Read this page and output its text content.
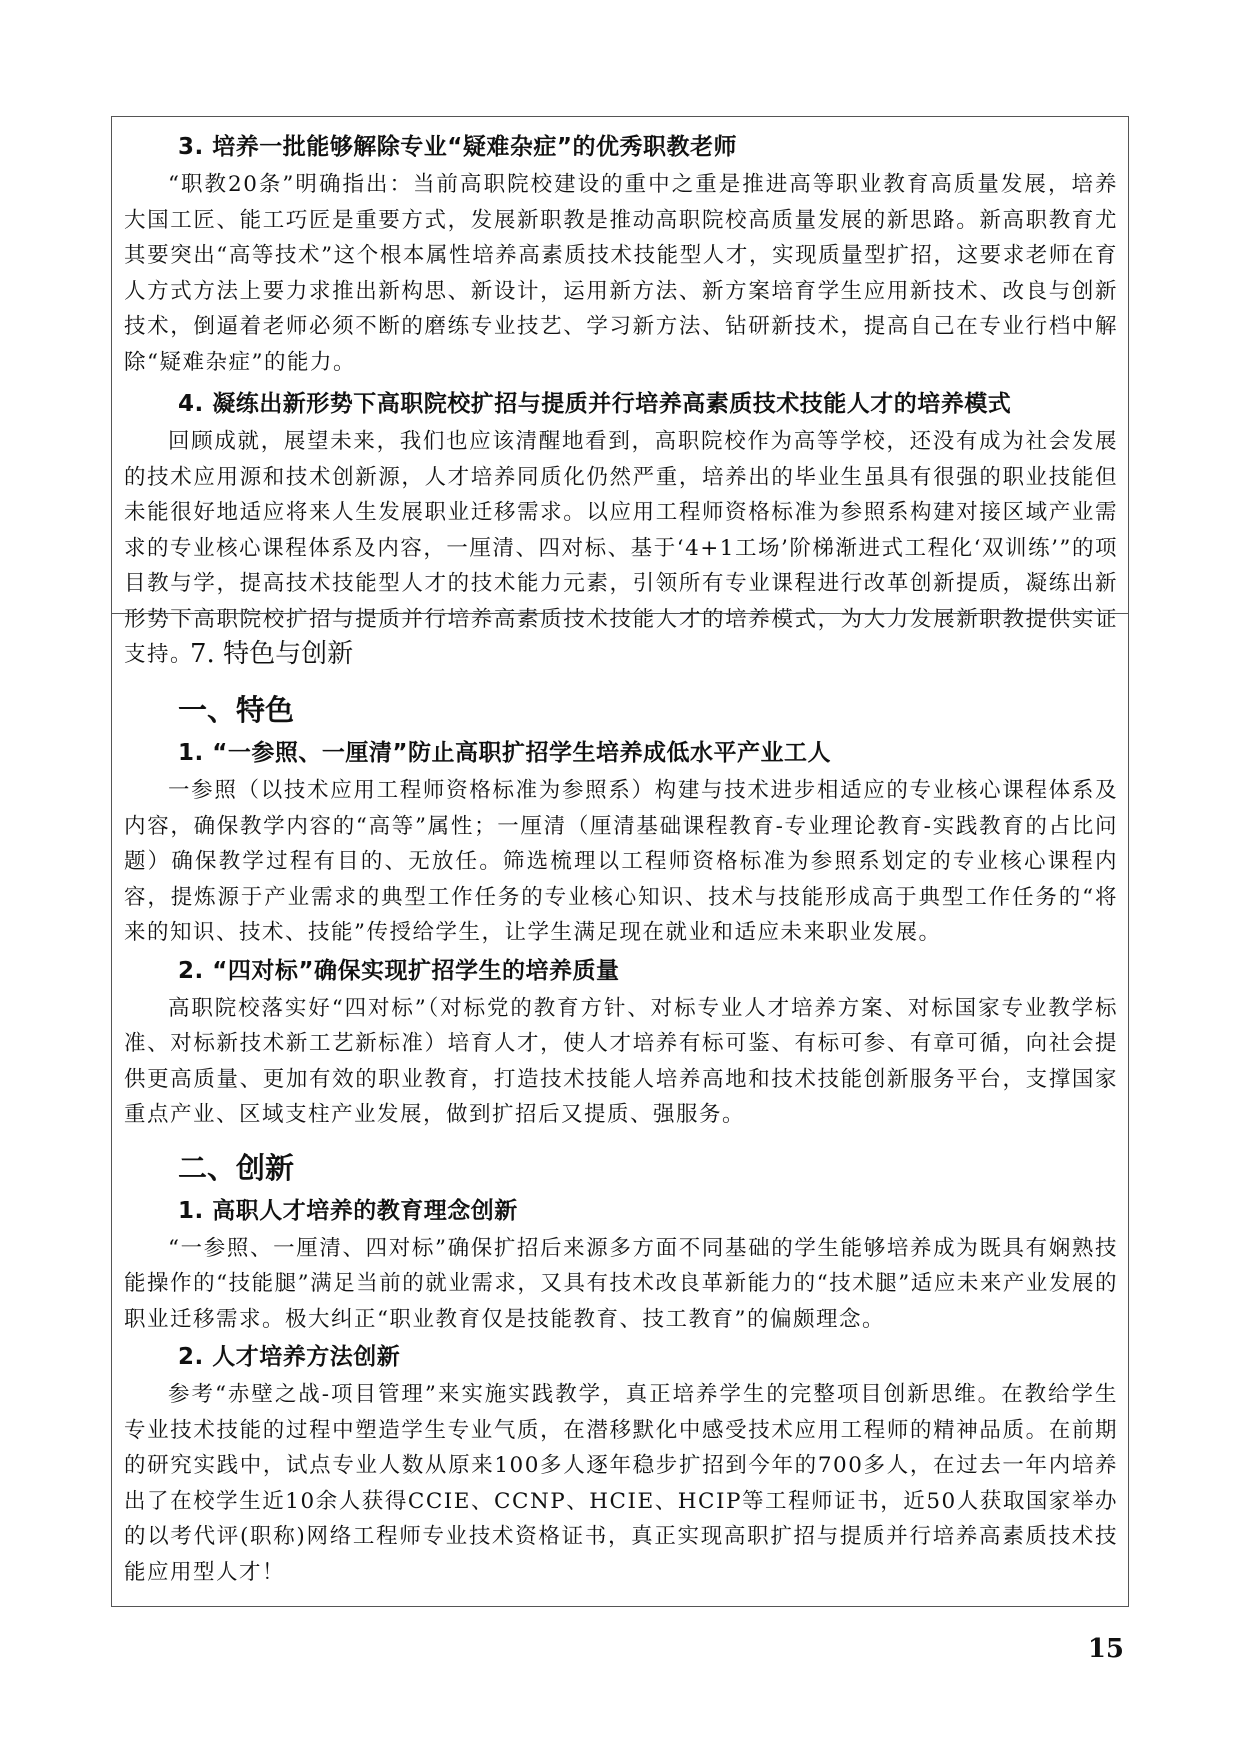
3. 培养一批能够解除专业“疑难杂症”的优秀职教老师

“职教20条”明确指出：当前高职院校建设的重中之重是推进高等职业教育高质量发展，培养大国工匠、能工巧匠是重要方式，发展新职教是推动高职院校高质量发展的新思路。新高职教育尤其要突出“高等技术”这个根本属性培养高素质技术技能型人才，实现质量型扩招，这要求老师在育人方式方法上要力求推出新构思、新设计，运用新方法、新方案培育学生应用新技术、改良与创新技术，倒逼着老师必须不断的磨练专业技艺、学习新方法、钻研新技术，提高自己在专业行档中解除“疑难杂症”的能力。

4. 凝练出新形势下高职院校扩招与提质并行培养高素质技术技能人才的培养模式

回顾成就，展望未来，我们也应该清醒地看到，高职院校作为高等学校，还没有成为社会发展的技术应用源和技术创新源，人才培养同质化仍然严重，培养出的毕业生虽具有很强的职业技能但未能很好地适应将来人生发展职业迁移需求。以应用工程师资格标准为参照系构建对接区域产业需求的专业核心课程体系及内容，一厘清、四对标、基于‘4+1工场’阶梯渐进式工程化‘双训练’”的项目教与学，提高技术技能型人才的技术能力元素，引领所有专业课程进行改革创新提质，凝练出新形势下高职院校扩招与提质并行培养高素质技术技能人才的培养模式，为大力发展新职教提供实证支持。

7. 特色与创新
一、特色
1. “一参照、一厘清”防止高职扩招学生培养成低水平产业工人

一参照（以技术应用工程师资格标准为参照系）构建与技术进步相适应的专业核心课程体系及内容，确保教学内容的“高等”属性；一厘清（厘清基础课程教育-专业理论教育-实践教育的占比问题）确保教学过程有目的、无放任。筛选梳理以工程师资格标准为参照系划定的专业核心课程内容，提炼源于产业需求的典型工作任务的专业核心知识、技术与技能形成高于典型工作任务的“将来的知识、技术、技能”传授给学生，让学生满足现在就业和适应未来职业发展。

2. “四对标”确保实现扩招学生的培养质量

高职院校落实好“四对标”（对标党的教育方针、对标专业人才培养方案、对标国家专业教学标准、对标新技术新工艺新标准）培育人才，使人才培养有标可鉴、有标可参、有章可循，向社会提供更高质量、更加有效的职业教育，打造技术技能人培养高地和技术技能创新服务平台，支撑国家重点产业、区域支柱产业发展，做到扩招后又提质、强服务。

二、创新
1. 高职人才培养的教育理念创新

“一参照、一厘清、四对标”确保扩招后来源多方面不同基础的学生能够培养成为既具有娴熟技能操作的“技能腿”满足当前的就业需求，又具有技术改良革新能力的“技术腿”适应未来产业发展的职业迁移需求。极大纠正“职业教育仅是技能教育、技工教育”的偏颇理念。

2. 人才培养方法创新

参考“赤壁之战-项目管理”来实施实践教学，真正培养学生的完整项目创新思维。在教给学生专业技术技能的过程中塑造学生专业气质，在潜移默化中感受技术应用工程师的精神品质。在前期的研究实践中，试点专业人数从原来100多人逐年稳步扩招到今年的700多人，在过去一年内培养出了在校学生近10余人获得CCIE、CCNP、HCIE、HCIP等工程师证书，近50人获取国家举办的以考代评(职称)网络工程师专业技术资格证书，真正实现高职扩招与提质并行培养高素质技术技能应用型人才！

15
